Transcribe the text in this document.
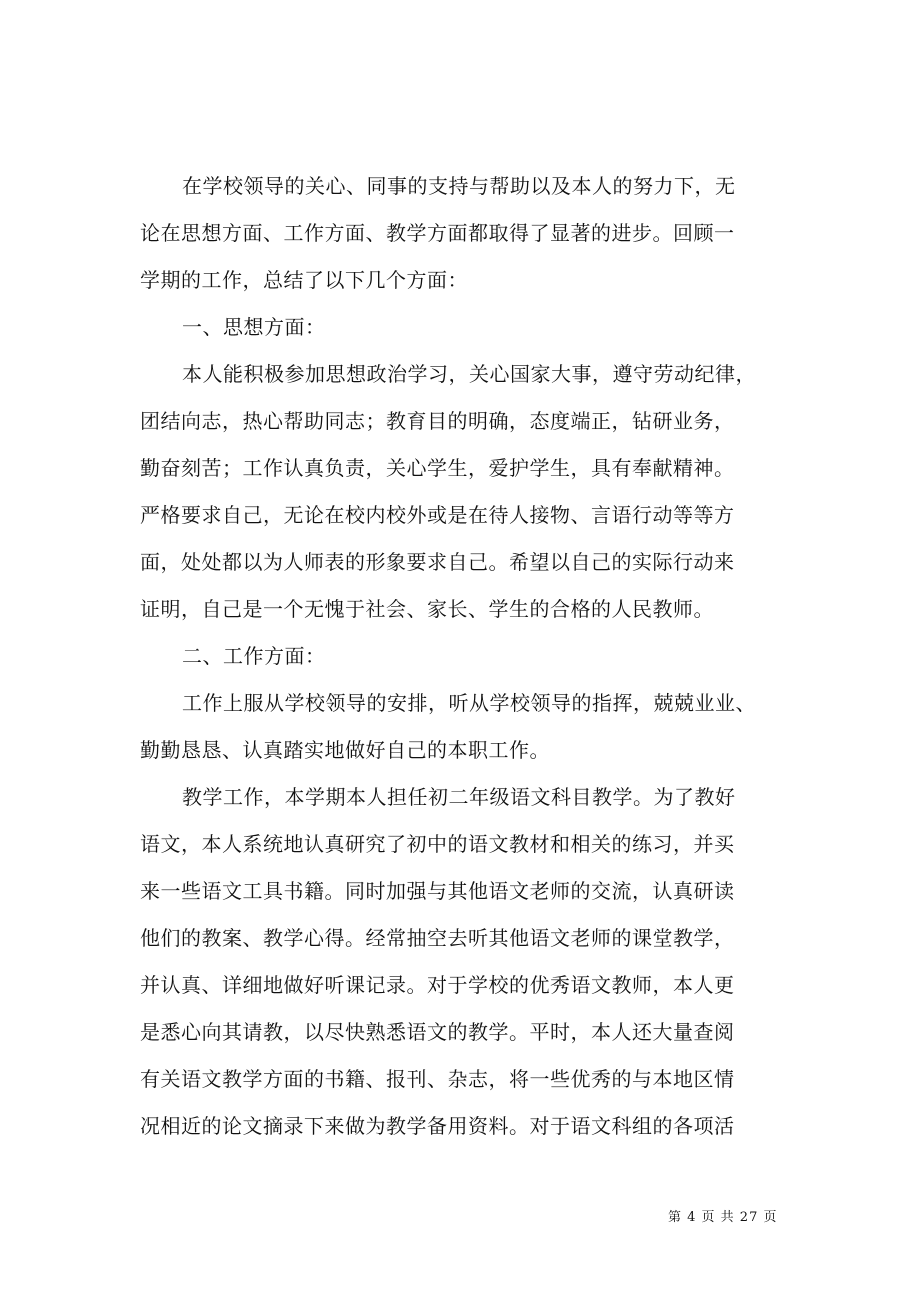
在学校领导的关心、同事的支持与帮助以及本人的努力下，无
论在思想方面、工作方面、教学方面都取得了显著的进步。回顾一
学期的工作，总结了以下几个方面：
一、思想方面：
本人能积极参加思想政治学习，关心国家大事，遵守劳动纪律，
团结向志，热心帮助同志；教育目的明确，态度端正，钻研业务，
勤奋刻苦；工作认真负责，关心学生，爱护学生，具有奉献精神。
严格要求自己，无论在校内校外或是在待人接物、言语行动等等方
面，处处都以为人师表的形象要求自己。希望以自己的实际行动来
证明，自己是一个无愧于社会、家长、学生的合格的人民教师。
二、工作方面：
工作上服从学校领导的安排，听从学校领导的指挥，兢兢业业、
勤勤恳恳、认真踏实地做好自己的本职工作。
教学工作，本学期本人担任初二年级语文科目教学。为了教好
语文，本人系统地认真研究了初中的语文教材和相关的练习，并买
来一些语文工具书籍。同时加强与其他语文老师的交流，认真研读
他们的教案、教学心得。经常抽空去听其他语文老师的课堂教学，
并认真、详细地做好听课记录。对于学校的优秀语文教师，本人更
是悉心向其请教，以尽快熟悉语文的教学。平时，本人还大量查阅
有关语文教学方面的书籍、报刊、杂志，将一些优秀的与本地区情
况相近的论文摘录下来做为教学备用资料。对于语文科组的各项活
第 4 页 共 27 页
